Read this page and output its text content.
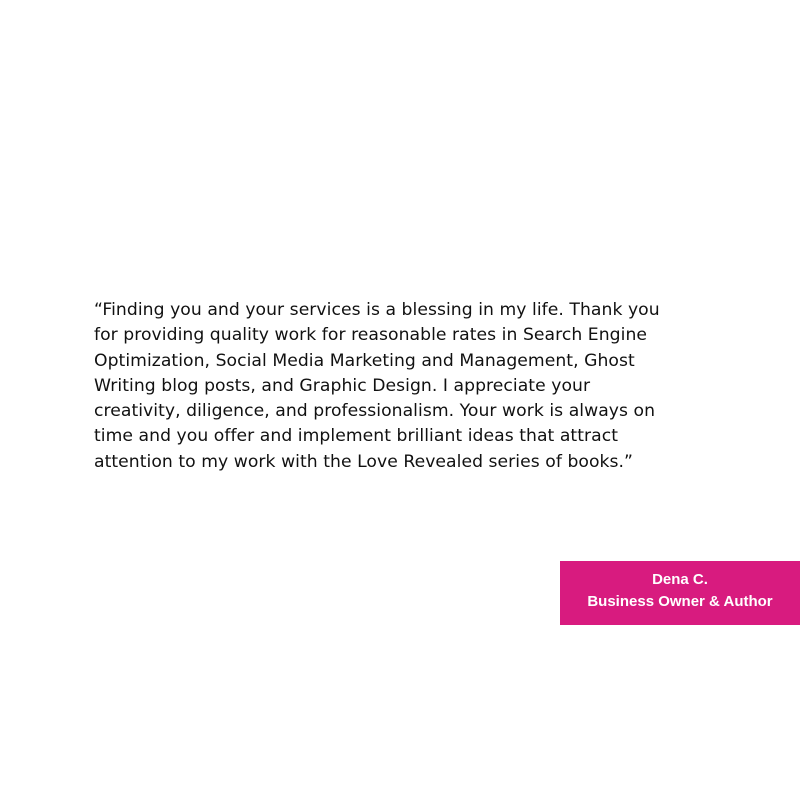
“Finding you and your services is a blessing in my life. Thank you
for providing quality work for reasonable rates in Search Engine
Optimization, Social Media Marketing and Management, Ghost
Writing blog posts, and Graphic Design. I appreciate your
creativity, diligence, and professionalism. Your work is always on
time and you offer and implement brilliant ideas that attract
attention to my work with the Love Revealed series of books.”
Dena C.
Business Owner & Author
